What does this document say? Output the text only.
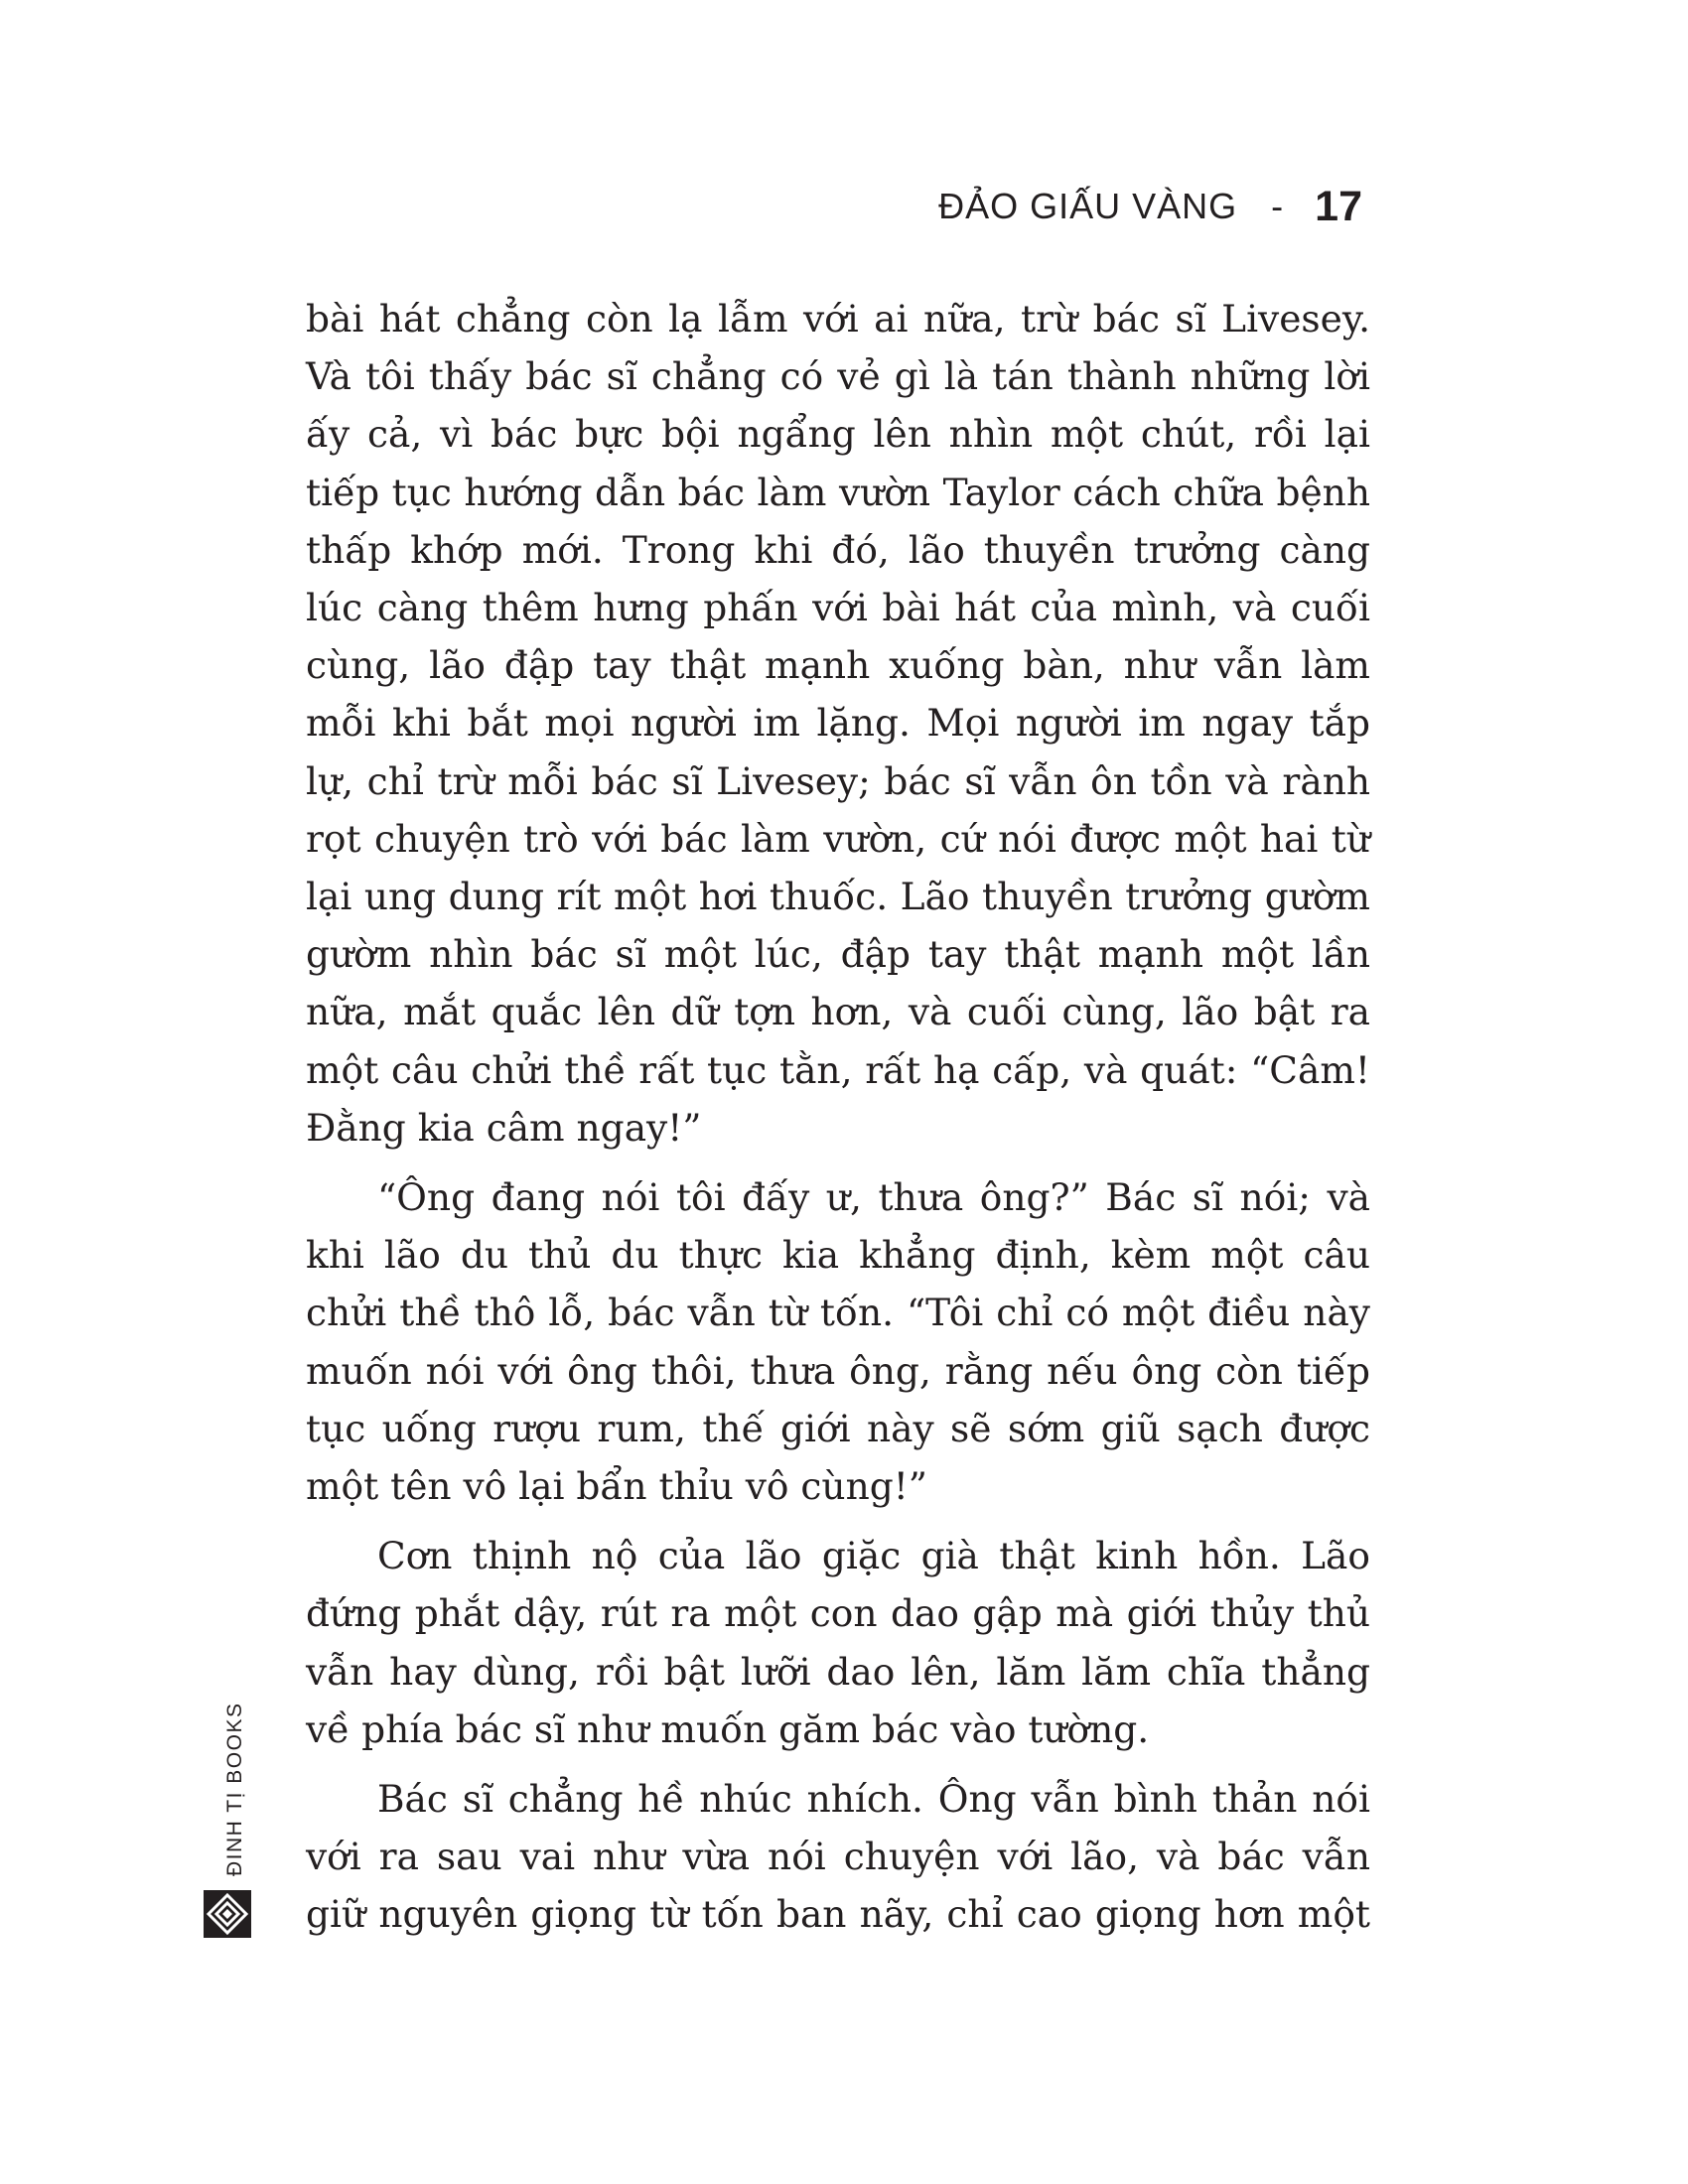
ĐẢO GIẤU VÀNG - 17

bài hát chẳng còn lạ lẫm với ai nữa, trừ bác sĩ Livesey.
Và tôi thấy bác sĩ chẳng có vẻ gì là tán thành những lời
ấy cả, vì bác bực bội ngẩng lên nhìn một chút, rồi lại
tiếp tục hướng dẫn bác làm vườn Taylor cách chữa bệnh
thấp khớp mới. Trong khi đó, lão thuyền trưởng càng
lúc càng thêm hưng phấn với bài hát của mình, và cuối
cùng, lão đập tay thật mạnh xuống bàn, như vẫn làm
mỗi khi bắt mọi người im lặng. Mọi người im ngay tắp
lự, chỉ trừ mỗi bác sĩ Livesey; bác sĩ vẫn ôn tồn và rành
rọt chuyện trò với bác làm vườn, cứ nói được một hai từ
lại ung dung rít một hơi thuốc. Lão thuyền trưởng gườm
gườm nhìn bác sĩ một lúc, đập tay thật mạnh một lần
nữa, mắt quắc lên dữ tợn hơn, và cuối cùng, lão bật ra
một câu chửi thề rất tục tằn, rất hạ cấp, và quát: “Câm!
Đằng kia câm ngay!”

“Ông đang nói tôi đấy ư, thưa ông?” Bác sĩ nói; và
khi lão du thủ du thực kia khẳng định, kèm một câu
chửi thề thô lỗ, bác vẫn từ tốn. “Tôi chỉ có một điều này
muốn nói với ông thôi, thưa ông, rằng nếu ông còn tiếp
tục uống rượu rum, thế giới này sẽ sớm giũ sạch được
một tên vô lại bẩn thỉu vô cùng!”

Cơn thịnh nộ của lão giặc già thật kinh hồn. Lão
đứng phắt dậy, rút ra một con dao gập mà giới thủy thủ
vẫn hay dùng, rồi bật lưỡi dao lên, lăm lăm chĩa thẳng
về phía bác sĩ như muốn găm bác vào tường.

Bác sĩ chẳng hề nhúc nhích. Ông vẫn bình thản nói
với ra sau vai như vừa nói chuyện với lão, và bác vẫn
giữ nguyên giọng từ tốn ban nãy, chỉ cao giọng hơn một

ĐINH TỊ BOOKS
